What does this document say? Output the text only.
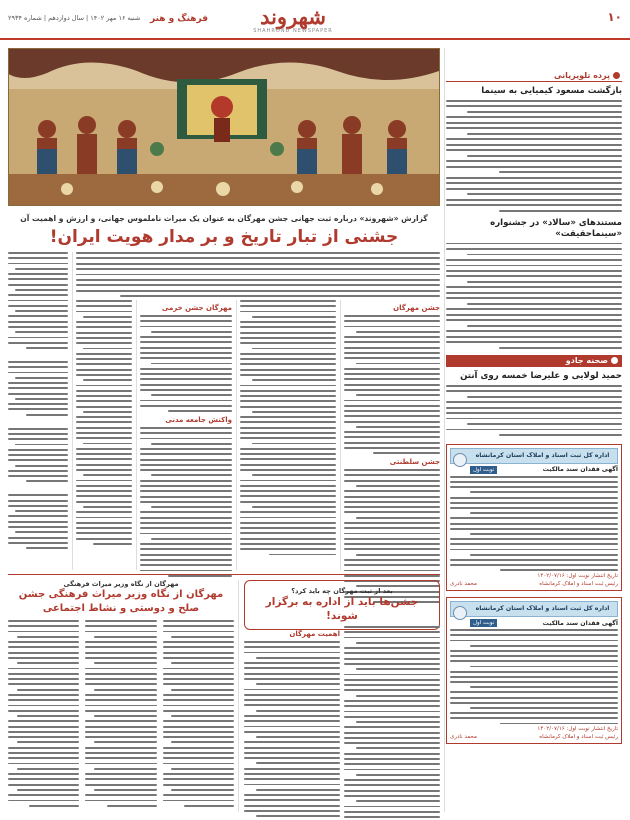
۱۰
شهروند
SHAHROND NEWSPAPER
فرهنگ و هنر
شنبه ۱۶ مهر ۱۴۰۲ | سال دوازدهم | شماره ۲۹۳۴
پرده تلویزیانی
بازگشت مسعود کیمیایی به سینما
مستندهای «سالاد» در جشنواره «سینماحقیقت»
صحنه جادو
حمید لولایی و علیرضا خمسه روی آنتن
اداره کل ثبت اسناد و املاک استان کرمانشاه
آگهی فقدان سند مالکیت
نوبت اول
تاریخ انتشار نوبت اول: ۱۴۰۲/۰۷/۱۶
رئیس ثبت اسناد و املاک کرمانشاه
محمد نادری
اداره کل ثبت اسناد و املاک استان کرمانشاه
آگهی فقدان سند مالکیت
نوبت اول
تاریخ انتشار نوبت اول: ۱۴۰۲/۰۷/۱۶
رئیس ثبت اسناد و املاک کرمانشاه
محمد نادری
گزارش «شهروند» درباره ثبت جهانی جشن مهرگان به عنوان یک میراث ناملموس جهانی، و ارزش و اهمیت آن
جشنی از تبار تاریخ و بر مدار هویت ایران!
جشن مهرگان
جشن سلطنتی
مهرگان جشن خرمی
واکنش جامعه مدنی
بعد از ثبت مهرگان چه باید کرد؟
جشن‌ها باید از اداره به برگزار شوند!
اهمیت مهرگان
مهرگان از نگاه وزیر میراث فرهنگی
مهرگان از نگاه وزیر میراث فرهنگی جشن صلح و دوستی و نشاط اجتماعی
